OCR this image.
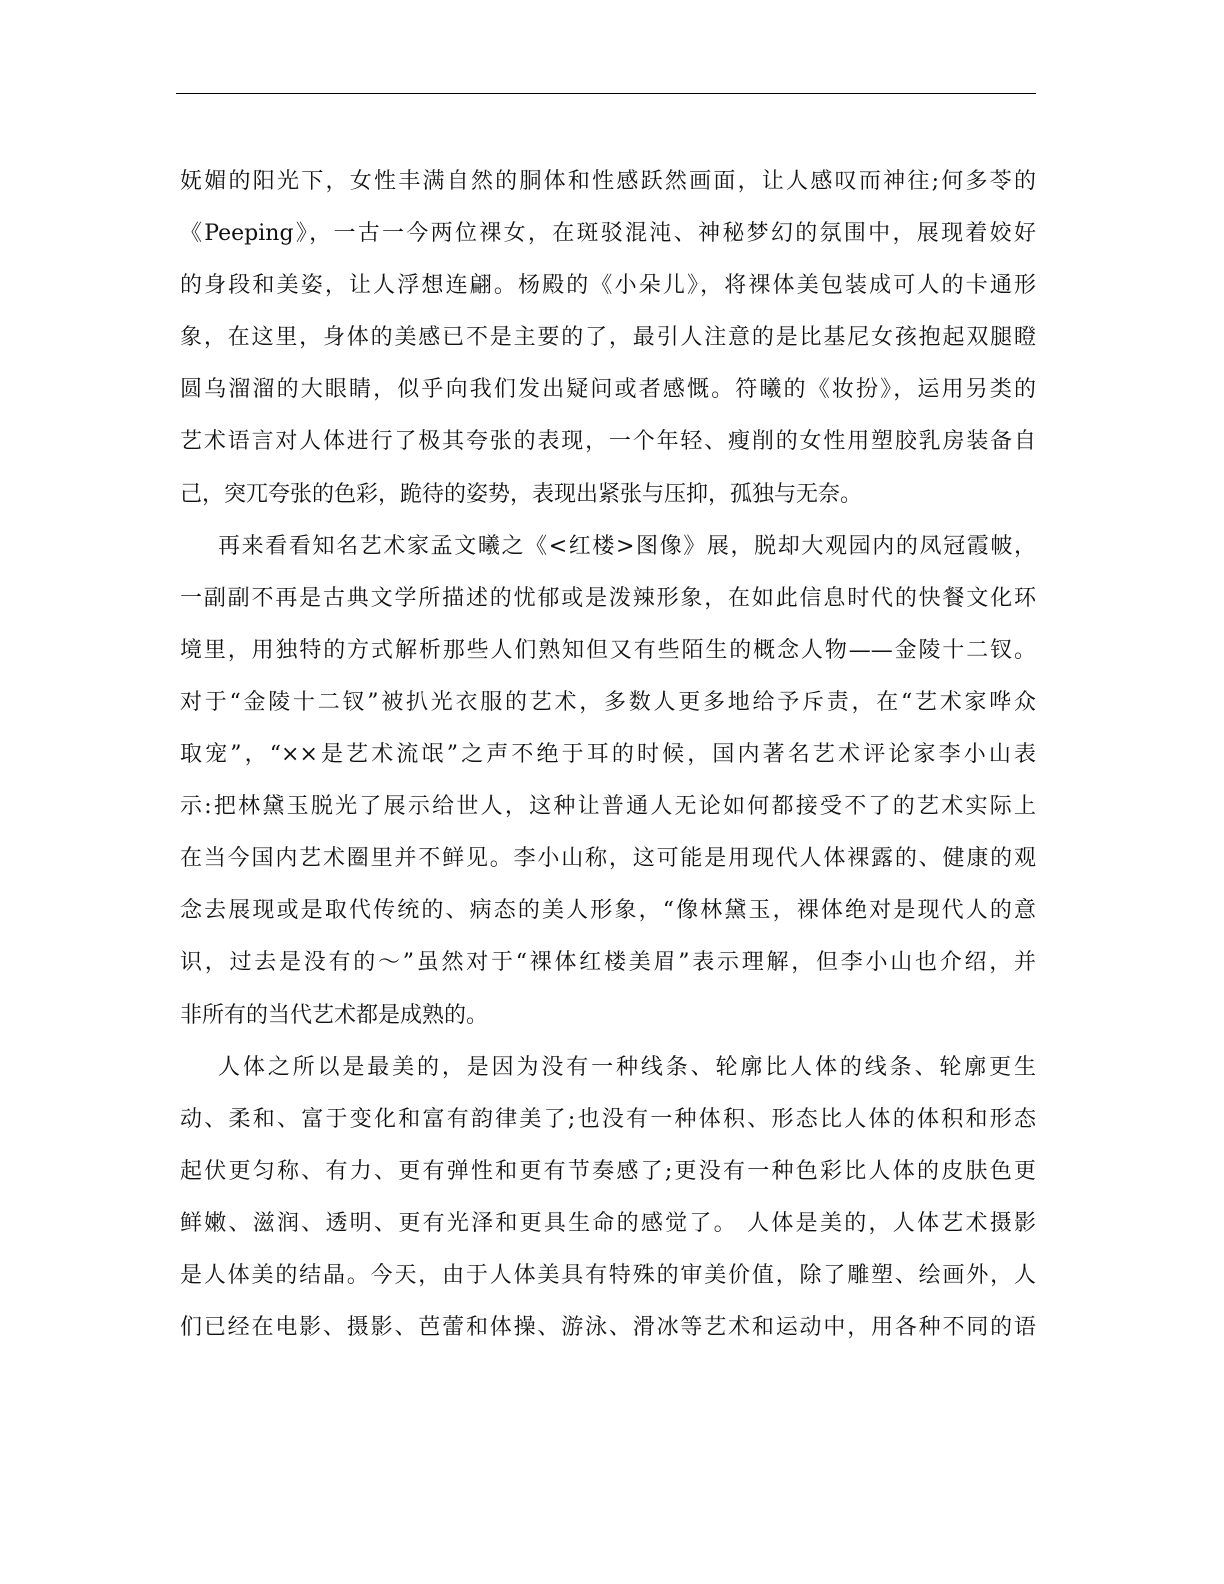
妩媚的阳光下，女性丰满自然的胴体和性感跃然画面，让人感叹而神往;何多苓的
《Peeping》，一古一今两位裸女，在斑驳混沌、神秘梦幻的氛围中，展现着姣好
的身段和美姿，让人浮想连翩。杨殿的《小朵儿》，将裸体美包装成可人的卡通形
象，在这里，身体的美感已不是主要的了，最引人注意的是比基尼女孩抱起双腿瞪
圆乌溜溜的大眼睛，似乎向我们发出疑问或者感慨。符曦的《妆扮》，运用另类的
艺术语言对人体进行了极其夸张的表现，一个年轻、瘦削的女性用塑胶乳房装备自
己，突兀夸张的色彩，跪待的姿势，表现出紧张与压抑，孤独与无奈。
再来看看知名艺术家孟文曦之《<红楼>图像》展，脱却大观园内的凤冠霞帔，
一副副不再是古典文学所描述的忧郁或是泼辣形象，在如此信息时代的快餐文化环
境里，用独特的方式解析那些人们熟知但又有些陌生的概念人物——金陵十二钗。
对于“金陵十二钗”被扒光衣服的艺术，多数人更多地给予斥责，在“艺术家哗众
取宠”，“××是艺术流氓”之声不绝于耳的时候，国内著名艺术评论家李小山表
示:把林黛玉脱光了展示给世人，这种让普通人无论如何都接受不了的艺术实际上
在当今国内艺术圈里并不鲜见。李小山称，这可能是用现代人体裸露的、健康的观
念去展现或是取代传统的、病态的美人形象，“像林黛玉，裸体绝对是现代人的意
识，过去是没有的～”虽然对于“裸体红楼美眉”表示理解，但李小山也介绍，并
非所有的当代艺术都是成熟的。
人体之所以是最美的，是因为没有一种线条、轮廓比人体的线条、轮廓更生
动、柔和、富于变化和富有韵律美了;也没有一种体积、形态比人体的体积和形态
起伏更匀称、有力、更有弹性和更有节奏感了;更没有一种色彩比人体的皮肤色更
鲜嫩、滋润、透明、更有光泽和更具生命的感觉了。 人体是美的，人体艺术摄影
是人体美的结晶。今天，由于人体美具有特殊的审美价值，除了雕塑、绘画外，人
们已经在电影、摄影、芭蕾和体操、游泳、滑冰等艺术和运动中，用各种不同的语
